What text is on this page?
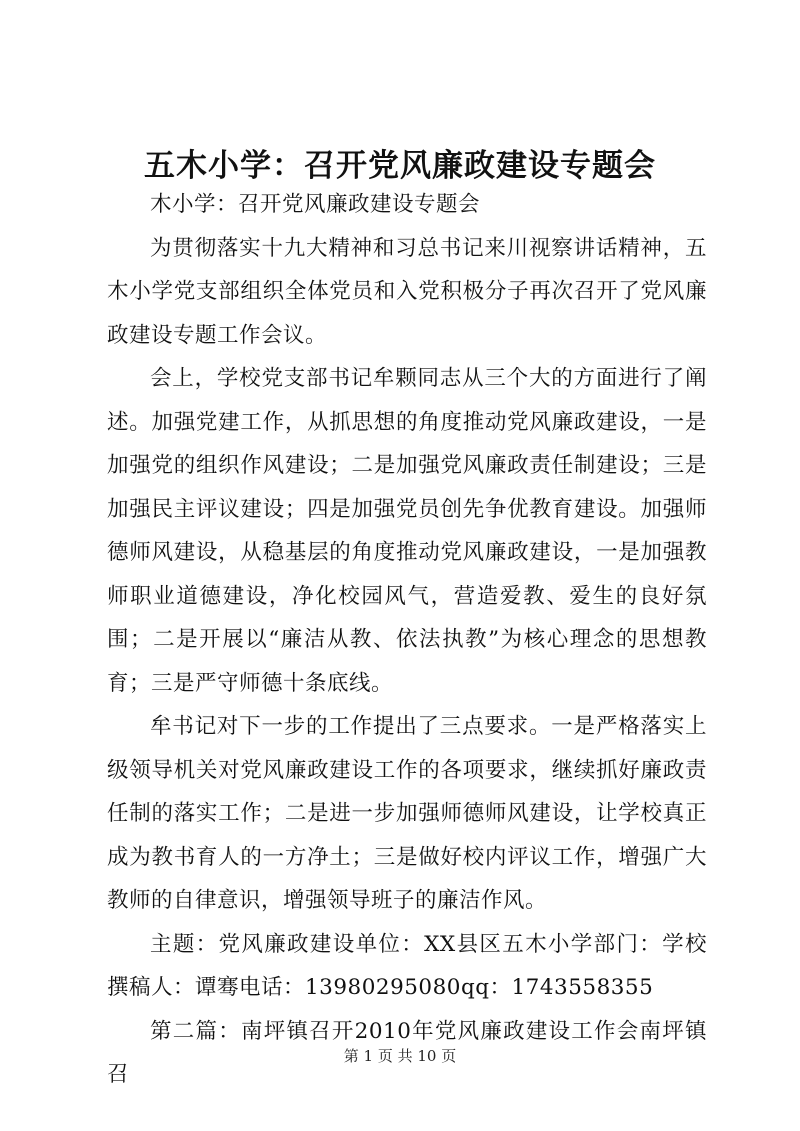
五木小学：召开党风廉政建设专题会

木小学：召开党风廉政建设专题会

为贯彻落实十九大精神和习总书记来川视察讲话精神，五木小学党支部组织全体党员和入党积极分子再次召开了党风廉政建设专题工作会议。

会上，学校党支部书记牟颗同志从三个大的方面进行了阐述。加强党建工作，从抓思想的角度推动党风廉政建设，一是加强党的组织作风建设；二是加强党风廉政责任制建设；三是加强民主评议建设；四是加强党员创先争优教育建设。加强师德师风建设，从稳基层的角度推动党风廉政建设，一是加强教师职业道德建设，净化校园风气，营造爱教、爱生的良好氛围；二是开展以“廉洁从教、依法执教”为核心理念的思想教育；三是严守师德十条底线。

牟书记对下一步的工作提出了三点要求。一是严格落实上级领导机关对党风廉政建设工作的各项要求，继续抓好廉政责任制的落实工作；二是进一步加强师德师风建设，让学校真正成为教书育人的一方净土；三是做好校内评议工作，增强广大教师的自律意识，增强领导班子的廉洁作风。

主题：党风廉政建设单位：XX县区五木小学部门：学校撰稿人：谭骞电话：13980295080qq：1743558355

第二篇：南坪镇召开2010年党风廉政建设工作会南坪镇召

第 1 页 共 10 页
